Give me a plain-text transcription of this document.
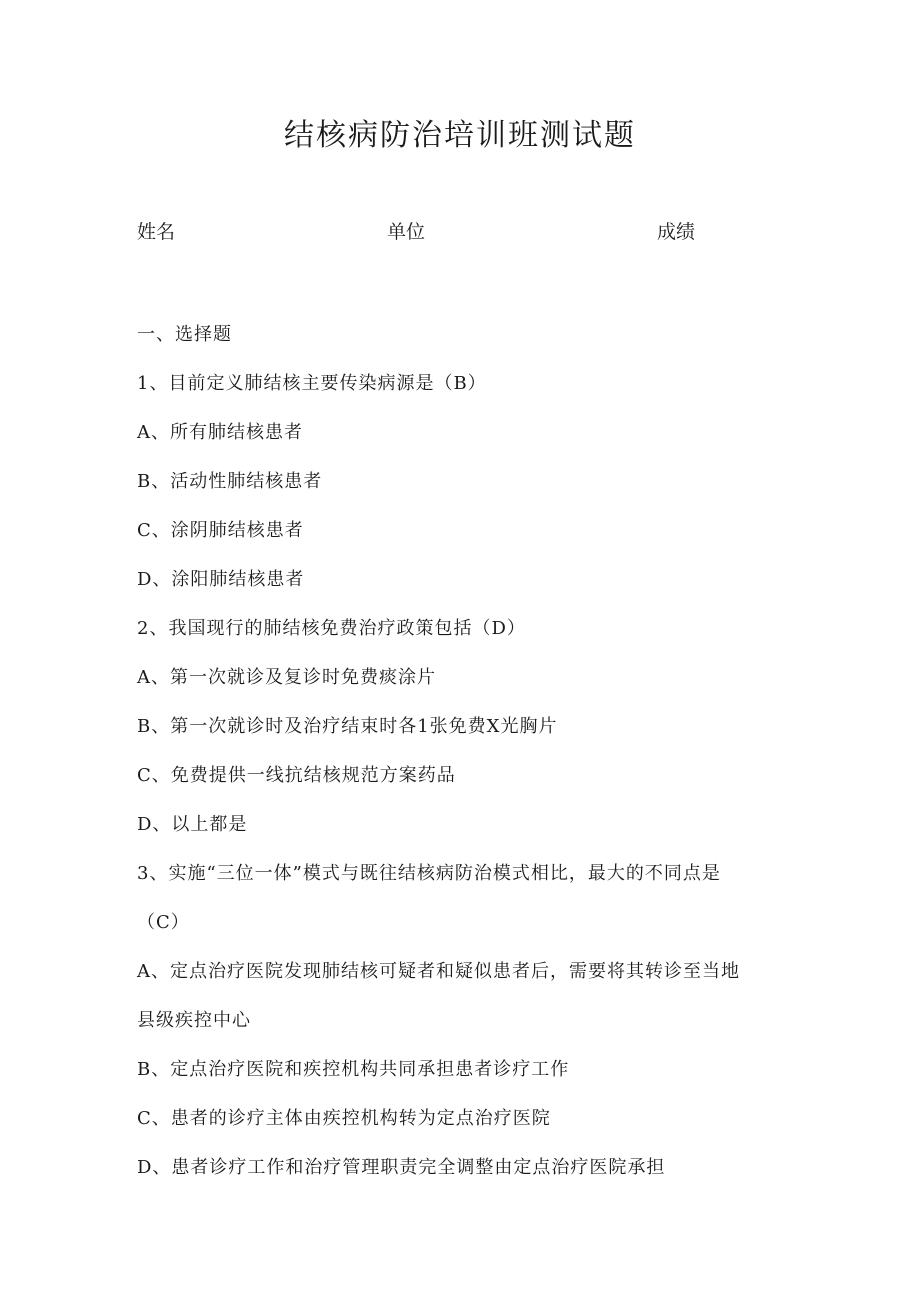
结核病防治培训班测试题
姓名	单位	成绩
一、选择题
1、目前定义肺结核主要传染病源是（B）
A、所有肺结核患者
B、活动性肺结核患者
C、涂阴肺结核患者
D、涂阳肺结核患者
2、我国现行的肺结核免费治疗政策包括（D）
A、第一次就诊及复诊时免费痰涂片
B、第一次就诊时及治疗结束时各1张免费X光胸片
C、免费提供一线抗结核规范方案药品
D、以上都是
3、实施“三位一体”模式与既往结核病防治模式相比，最大的不同点是
（C）
A、定点治疗医院发现肺结核可疑者和疑似患者后，需要将其转诊至当地
县级疾控中心
B、定点治疗医院和疾控机构共同承担患者诊疗工作
C、患者的诊疗主体由疾控机构转为定点治疗医院
D、患者诊疗工作和治疗管理职责完全调整由定点治疗医院承担
